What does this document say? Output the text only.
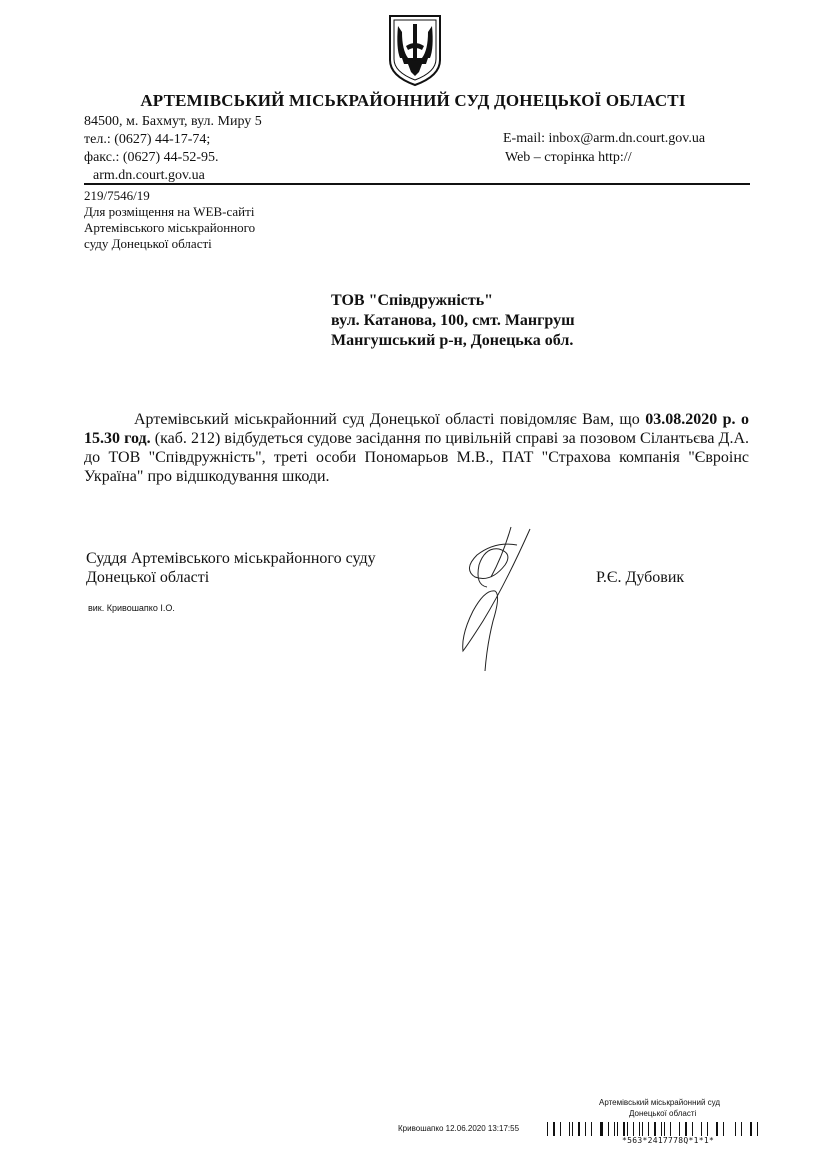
АРТЕМІВСЬКИЙ МІСЬКРАЙОННИЙ СУД ДОНЕЦЬКОЇ ОБЛАСТІ
84500, м. Бахмут, вул. Миру 5
тел.: (0627) 44-17-74;
факс.: (0627) 44-52-95.
arm.dn.court.gov.ua
E-mail: inbox@arm.dn.court.gov.ua
Web – сторінка http://
219/7546/19
Для розміщення на WEB-сайті
Артемівського міськрайонного
суду Донецької області
ТОВ "Співдружність"
вул. Катанова, 100, смт. Мангруш
Мангушський р-н, Донецька обл.

Артемівський міськрайонний суд Донецької області повідомляє Вам, що 03.08.2020 р. о 15.30 год. (каб. 212) відбудеться судове засідання по цивільній справі за позовом Сілантьєва Д.А. до ТОВ "Співдружність", треті особи Пономарьов М.В., ПАТ "Страхова компанія "Євроінс Україна" про відшкодування шкоди.

Суддя Артемівського міськрайонного суду
Донецької області	Р.Є. Дубовик
вик. Кривошапко І.О.
Артемівський міськрайонний суд
Донецької області
Кривошапко 12.06.2020 13:17:55
*563*2417778Q*1*1*
